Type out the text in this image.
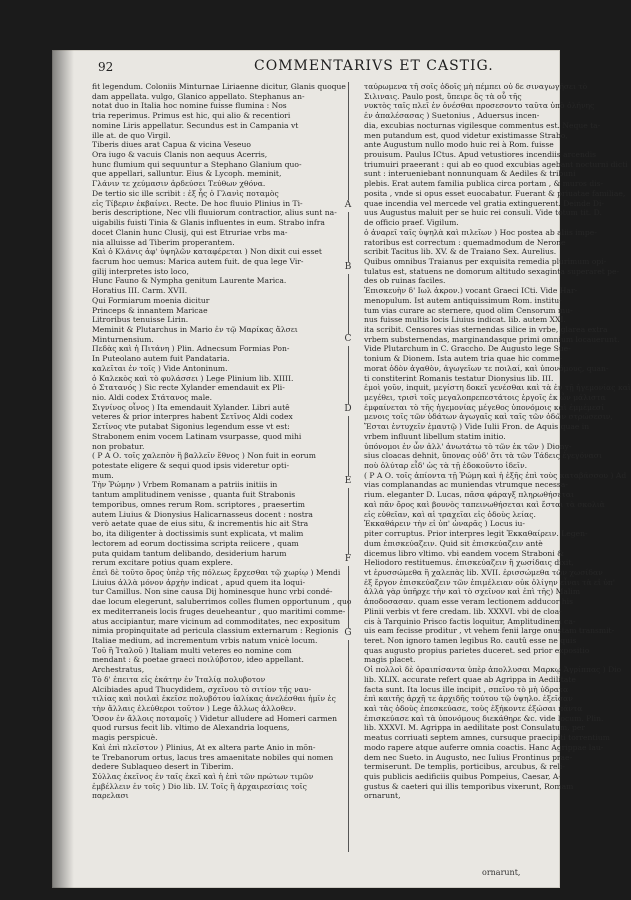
92	COMMENTARIVS ET CASTIG.
fit legendum. Coloniis Minturnae Liriaenne dicitur, Glanis quoque
dam appellata. vulgo, Glanico appellato. Stephanus an-
notat duo in Italia hoc nomine fuisse flumina : Nos
tria reperimus. Primus est hic, qui alio & recentiori
nomine Liris appellatur. Secundus est in Campania vt
ille at. de quo Virgil.
Tiberis diues arat Capua & vicina Veseuo
Ora iugo & vacuis Clanis non aequus Acerris,
hunc flumium qui sequuntur a Stephano Glanium quo-
que appellari, salluntur. Eius & Lycoph. meminit,
Γλάνιν τε χεύμασιν ἀρδεύσει Τεύθων χθόνα.
De tertio sic ille scribit : ἐξ ἧς ὁ Γλανὶς ποταμὸς
εἰς Τίβεριν ἐκβαίνει. Recte. De hoc fluuio Plinius in Ti-
beris descriptione, Nec vlli fluuiorum contractior, alius sunt na-
uigabilis fuisti Tinia & Glanis influentes in eum. Strabo infra
docet Clanin hunc Clusij, qui est Etruriae vrbs ma-
nia alluisse ad Tiberim properantem.
Καὶ ὁ Κλάνις ἀφ' ὑψηλῶν καταφέρεται ) Non dixit cui esset
facrum hoc uemus: Marica autem fuit. de qua lege Vir-
gilij interpretes isto loco,
Hunc Fauno & Nympha genitum Laurente Marica.
Horatius III. Carm. XVII.
Qui Formiarum moenia dicitur
Princeps & innantem Maricae
Litroribus tenuisse Lirin.
Meminit & Plutarchus in Mario ἐν τῷ Μαρίκας ἄλσει
Minturnensium.
Πεδὰς καὶ ἡ Πιτάνη ) Plin. Adnecsum Formias Pon-
In Puteolano autem fuit Pandataria.
καλεῖται ἐν τοῖς ) Vide Antoninum.
ὁ Καλεκὸς καὶ τὸ φυλάσσει ) Lege Plinium lib. XIIII.
ὁ Στατανός ) Sic recte Xylander emendauit ex Pli-
nio. Aldi codex Στάτανος male.
Σιγνίνος οἶνος ) Ita emendauit Xylander. Libri autê
veteres & prior interpres habent Σετῖνος Aldi codex
Σετῖνος vte putabat Sigonius legendum esse vt est:
Strabonem enim vocem Latinam vsurpasse, quod mihi
non probatur.
( Ρ Α Ο. τοῖς χαλεπὸν ἣ βαλλεῖν ἔθνος ) Non fuit in eorum
potestate eligere & sequi quod ipsis videretur opti-
mum.
Τὴν Ῥώμην ) Vrbem Romanam a patriis initiis in
tantum amplitudinem venisse , quanta fuit Strabonis
temporibus, omnes rerum Rom. scriptores , praesertim
autem Liuius & Dionysius Halicarnasseus docent : nostra
verò aetate quae de eius situ, & incrementis hic ait Stra
bo, ita diligenter à doctissimis sunt explicata, vt malim
lectorem ad eorum doctissima scripta reiicere , quam
puta quidam tantum delibando, desiderium harum
rerum excitare potius quam explere.
ἐπεὶ δὲ τοῦτο ὄρος ὑπὲρ τῆς πόλεως ἔρχεσθαι τῷ χωρίῳ ) Mendi
Liuius ἀλλὰ μόνον ἀρχὴν indicat , apud quem ita loqui-
tur Camillus. Non sine causa Dij hominesque hunc vrbi condé-
dae locum elegerunt, saluberrimos colles flumen opportunum , quo
ex mediterraneis locis fruges deueheantur , quo maritimi comme-
atus accipiantur, mare vicinum ad commoditates, nec expositum
nimia propinquitate ad pericula classium externarum : Regionis
Italiae medium, ad incrementum vrbis natum vnicè locum.
Τοῦ ἢ Ἰταλοῦ ) Italiam multi veteres eo nomine com
mendant : & poetae graeci ποιλύβοτον, ideo appellant.
Archestratus,
Τὸ δ' ἐπειτα εἰς ἑκάτην ἐν Ἰταλίᾳ πολυβοτον
Alcibiades apud Thucydidem, σχεῖνου τὸ σιτίον τῆς ναυ-
τιλίας καὶ ποιλαὶ ἐκεῖσε πολυβότου ἰαλίκας ἀνελέσθαι ἡμῖν ἐς
τὴν ἄλλαις ἐλεύθεροι τοῦτον ) Lege ἄλλως ἀλλοθεν.
Ὅσον ἐν ἄλλοις ποταμοῖς ) Videtur alludere ad Homeri carmen
quod rursus fecit lib. vltimo de Alexandria loquens,
magis perspicuè.
Καὶ ἐπὶ πλεῖστον ) Plinius, At ex altera parte Anio in mōn-
te Trebanorum ortus, lacus tres amaenitate nobiles qui nomen
dedere Sublaqueo desert in Tiberim.
Σύλλας ἐκεῖνος ἐν ταῖς ἐκεῖ καὶ ἡ ἐπὶ τῶν πρώτων τιμῶν
ἐμβέλλειν ἐν τοῖς ) Dio lib. LV. Τοῖς ἢ ἀρχαιρεσίαις τοῖς
παρελασι
A
B
C
D
E
F
G
ταύρωμενα τῆ σοῖς ὁδοῖς μὴ πέμπει οὐ δε σιναγωγήσει τὸ
Σιλιναις. Paulo post, ὕπειρε ὃς τὰ οὗ τῆς
νυκτὸς ταῖς πλεῖ ἐν ὀνέσθαι προσεσοντο ταῦτα ὑπὸ ὀλήνης
ἐν ἀπαλέσασας ) Suetonius , Aduersus incen-
dia, excubias nocturnas vigilesque commentus est. Neque ta-
men putandum est, quod videtur existimasse Strabo,
ante Augustum nullo modo huic rei à Rom. fuisse
prouisum. Paulus ICtus. Apud vetustiores incendiis arcendis
triumuiri praeerant : qui ab eo quod excubias agebant nocturni dicti
sunt : interueniebant nonnunquam & Aediles & tribuni
plebis. Erat autem familia publica circa portam , & muros dis-
posita , vnde si opus esset euocabatur. Fuerant & priuatae familiae,
quae incendia vel mercede vel gratia extinguerent. Deinde Di-
uus Augustus maluit per se huic rei consuli. Vide totum tit. D.
de officio praef. Vigilum.
ὁ ἀναρεῖ ταῖς ὑψηλὰ καὶ πιλεῖων ) Hoc postea ab aliis impe-
ratoribus est correctum : quemadmodum de Nerone
scribit Tacitus lib. XV. & de Traiano Sex. Aurelius.
Quibus omnibus Traianus per exquisita remedia plurimum opi-
tulatus est, statuens ne domorum altitudo sexaginta superaret pe-
des ob ruinas faciles.
Ἐπισκευὴν δ' Ιωλ ἀκρον.) vocant Graeci ICti. Vide Har-
menopulum. Ist autem antiquissimum Rom. institu-
tum vias curare ac sternere, quod olim Censorum mu-
nus fuisse multis locis Liuius indicat. lib. autem XXI.
ita scribit. Censores vias sternendas silice in vrbe, glarea extra
vrbem substernendas, marginandasque primi omnium locauerunt.
Vide Plutarchum in C. Graccho. De Augusto lege Sue-
tonium & Dionem. Ista autem tria quae hic comme-
morat ὁδὸν ἀγαθὸν, ἀγωγεῖων τε ποιλαί, καὶ ὑπονόμους, quan-
ti constiterint Romanis testatur Dionysius lib. III.
ἐμοὶ γοῦν, inquit, μεγίστη δοκεῖ γενέσθαι καὶ τὰ ἐν τῇ ἡγεμονίας καὶ
μεγέθει, τρισὶ τοῖς μεγαλοπρεπεστάτοις ἐργοῖς ἐκ ὧν μάλιστα
ἐμφαίνεται τὸ τῆς ἡγεμονίας μέγεθος ὑπονόμοις καὶ ἐμμέμεσί
μενοις τοῖς τῶν ὑδάτων ἀγωγαῖς καὶ ταῖς τῶν ὁδῶν στρώσεσιν,
Ἔσται ἐντυχεῖν ἐμαυτῷ ) Vide Iulii Fron. de Aquis quae in
vrbem influunt libellum statim initio.
ὑπόνομοι ἐν ὧν ἀλλ' ἀνωτάτω τὸ τῶν ἐκ τῶν ) Diony-
sius cloacas dehnit, ὕπονας οὐδ' ὅτι τὰ τῶν Τάδεις ἐγεγόνασι
ποὺ ὀλύταρ εἶδ' ὡς τὰ τῇ ἐδοκοῦντο ἰδεῖν.
( Ρ Α Ο. τοῖς ἀπίοντα τῇ Ῥώμη καὶ ἡ ἑξῆς ἐπὶ τοὺς καταβάσσου ) Ad
vias complanandas ac muniendas vtrumque necessa-
rium. eleganter D. Lucas, πᾶσα φάραγξ πληρωθήσεται
καὶ πᾶν ὄρος καὶ βουνὸς ταπεινωθήσεται καὶ ἔσται τὰ σκολιὰ
εἰς εὐθεῖαν, καὶ αἱ τραχεῖαι εἰς ὁδοὺς λείας.
Ἐκκαθάρειν τὴν εἰ ὑπ' ὠναρᾶς ) Locus iu-
piter corruptus. Prior interpres legit Ἐκκαθαίρειν. Legen-
dum ἐπισκεύαζειν. Quid sit ἐπισκεύαζειν antè
dicemus libro vltimo. vbi eandem vocem Straboni &
Heliodoro restituemus. ἐπισκεύαζειν ἢ χωσίδαις dixit,
vt ἐρυσσώμεθα ἢ χαλεπὰς lib. XVII. ἐρισσώμεθα τῶν χωσίδαν
ἐξ ἔργον ἐπισκεύαζειν τῶν ἐπιμέλειαν οὐκ ὀλίγην εἶναι τὰ εἰ ὑπ'
ἀλλὰ γὰρ ὑπῆρχε τὴν καὶ τὸ σχεῖνον καὶ ἐπὶ τῆς) Malim
ἀποδοσασαν. quam esse veram lectionem adducor his
Plinii verbis vt fere credam. lib. XXXVI. vbi de cloa-
cis à Tarquinio Prisco factis loquitur, Amplitudinem ca-
uis eam fecisse proditur , vt vehem fenii large onustam transmit-
teret. Non ignoro tamen legibus Ro. cautû esse ne quis
quas augusto propius parietes duceret. sed prior expositio
magis placet.
Οἱ πολλοὶ δὲ ὁραιπίσαντα ὑπὲρ ἀπολλυσαι Μαρκῳ Ἀγρίππας ) Dio
lib. XLIX. accurate refert quae ab Agrippa in Aedilitate
facta sunt. Ita locus ille incipit , σπεῖνο τὸ μὴ ὑδρατα
ἐπὶ καιτῆς ἀρχῆ τε ἀρχιδῆς τούτου τῷ ὑψηλο. ἐξεῖσαν
καὶ τὰς ὁδοὺς ἐπεσκεύασε, τοὺς ἐξήκοντε ἐξώσαι πάντα
ἐπισκεύασε καὶ τὰ ὑπονόμους διεκάθηρε &c. vide locum. Plin.
lib. XXXVI. M. Agrippa in aedilitate post Consulatum, per
meatus corriuati septem amnes, cursuque praecipiti torrentium
modo rapere atque auferre omnia coactis. Hanc Agrippae lau-
dem nec Sueto. in Augusto, nec Iulius Frontinus prae-
termiserunt. De templis, porticibus, arcubus, & reli-
quis publicis aedificiis quibus Pompeius, Caesar, A-
gustus & caeteri qui illis temporibus vixerunt, Romam
ornarunt,
ornarunt,
